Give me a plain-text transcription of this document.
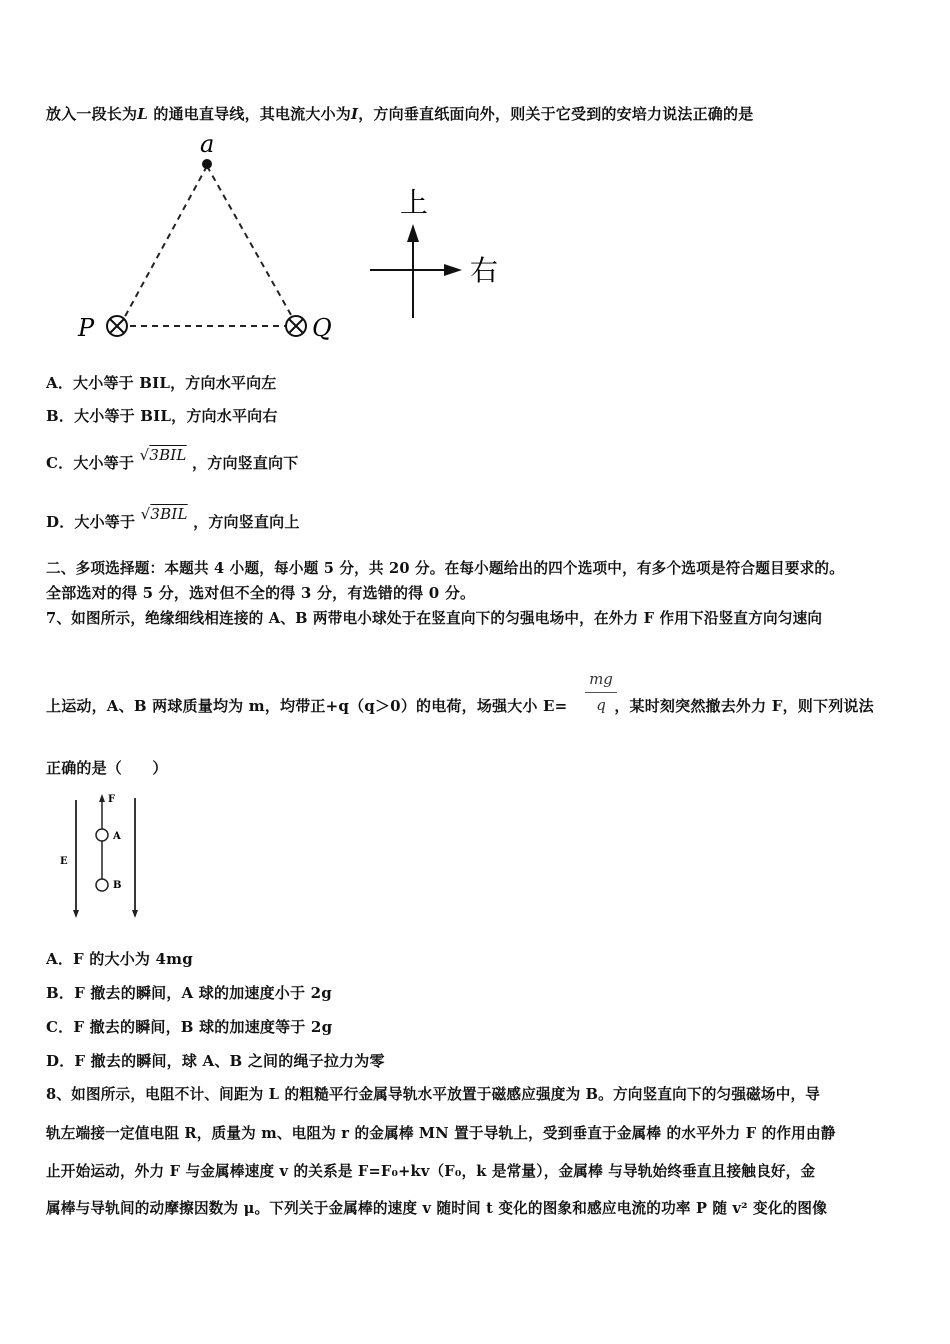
放入一段长为L 的通电直导线，其电流大小为I，方向垂直纸面向外，则关于它受到的安培力说法正确的是
a
P	Q
上
右
A．大小等于 BIL，方向水平向左
B．大小等于 BIL，方向水平向右
C．大小等于 √3BIL ，方向竖直向下
D．大小等于 √3BIL ，方向竖直向上
二、多项选择题：本题共 4 小题，每小题 5 分，共 20 分。在每小题给出的四个选项中，有多个选项是符合题目要求的。
全部选对的得 5 分，选对但不全的得 3 分，有选错的得 0 分。
7、如图所示，绝缘细线相连接的 A、B 两带电小球处于在竖直向下的匀强电场中，在外力 F 作用下沿竖直方向匀速向
上运动，A、B 两球质量均为 m，均带正+q（q＞0）的电荷，场强大小 E=	，某时刻突然撤去外力 F，则下列说法
mg
q
正确的是（　　）
F
E
A
B
A．F 的大小为 4mg
B．F 撤去的瞬间，A 球的加速度小于 2g
C．F 撤去的瞬间，B 球的加速度等于 2g
D．F 撤去的瞬间，球 A、B 之间的绳子拉力为零
8、如图所示，电阻不计、间距为 L 的粗糙平行金属导轨水平放置于磁感应强度为 B。方向竖直向下的匀强磁场中，导
轨左端接一定值电阻 R，质量为 m、电阻为 r 的金属棒 MN 置于导轨上，受到垂直于金属棒 的水平外力 F 的作用由静
止开始运动，外力 F 与金属棒速度 v 的关系是 F=F₀+kv（F₀，k 是常量），金属棒 与导轨始终垂直且接触良好，金
属棒与导轨间的动摩擦因数为 μ。下列关于金属棒的速度 v 随时间 t 变化的图象和感应电流的功率 P 随 v² 变化的图像
